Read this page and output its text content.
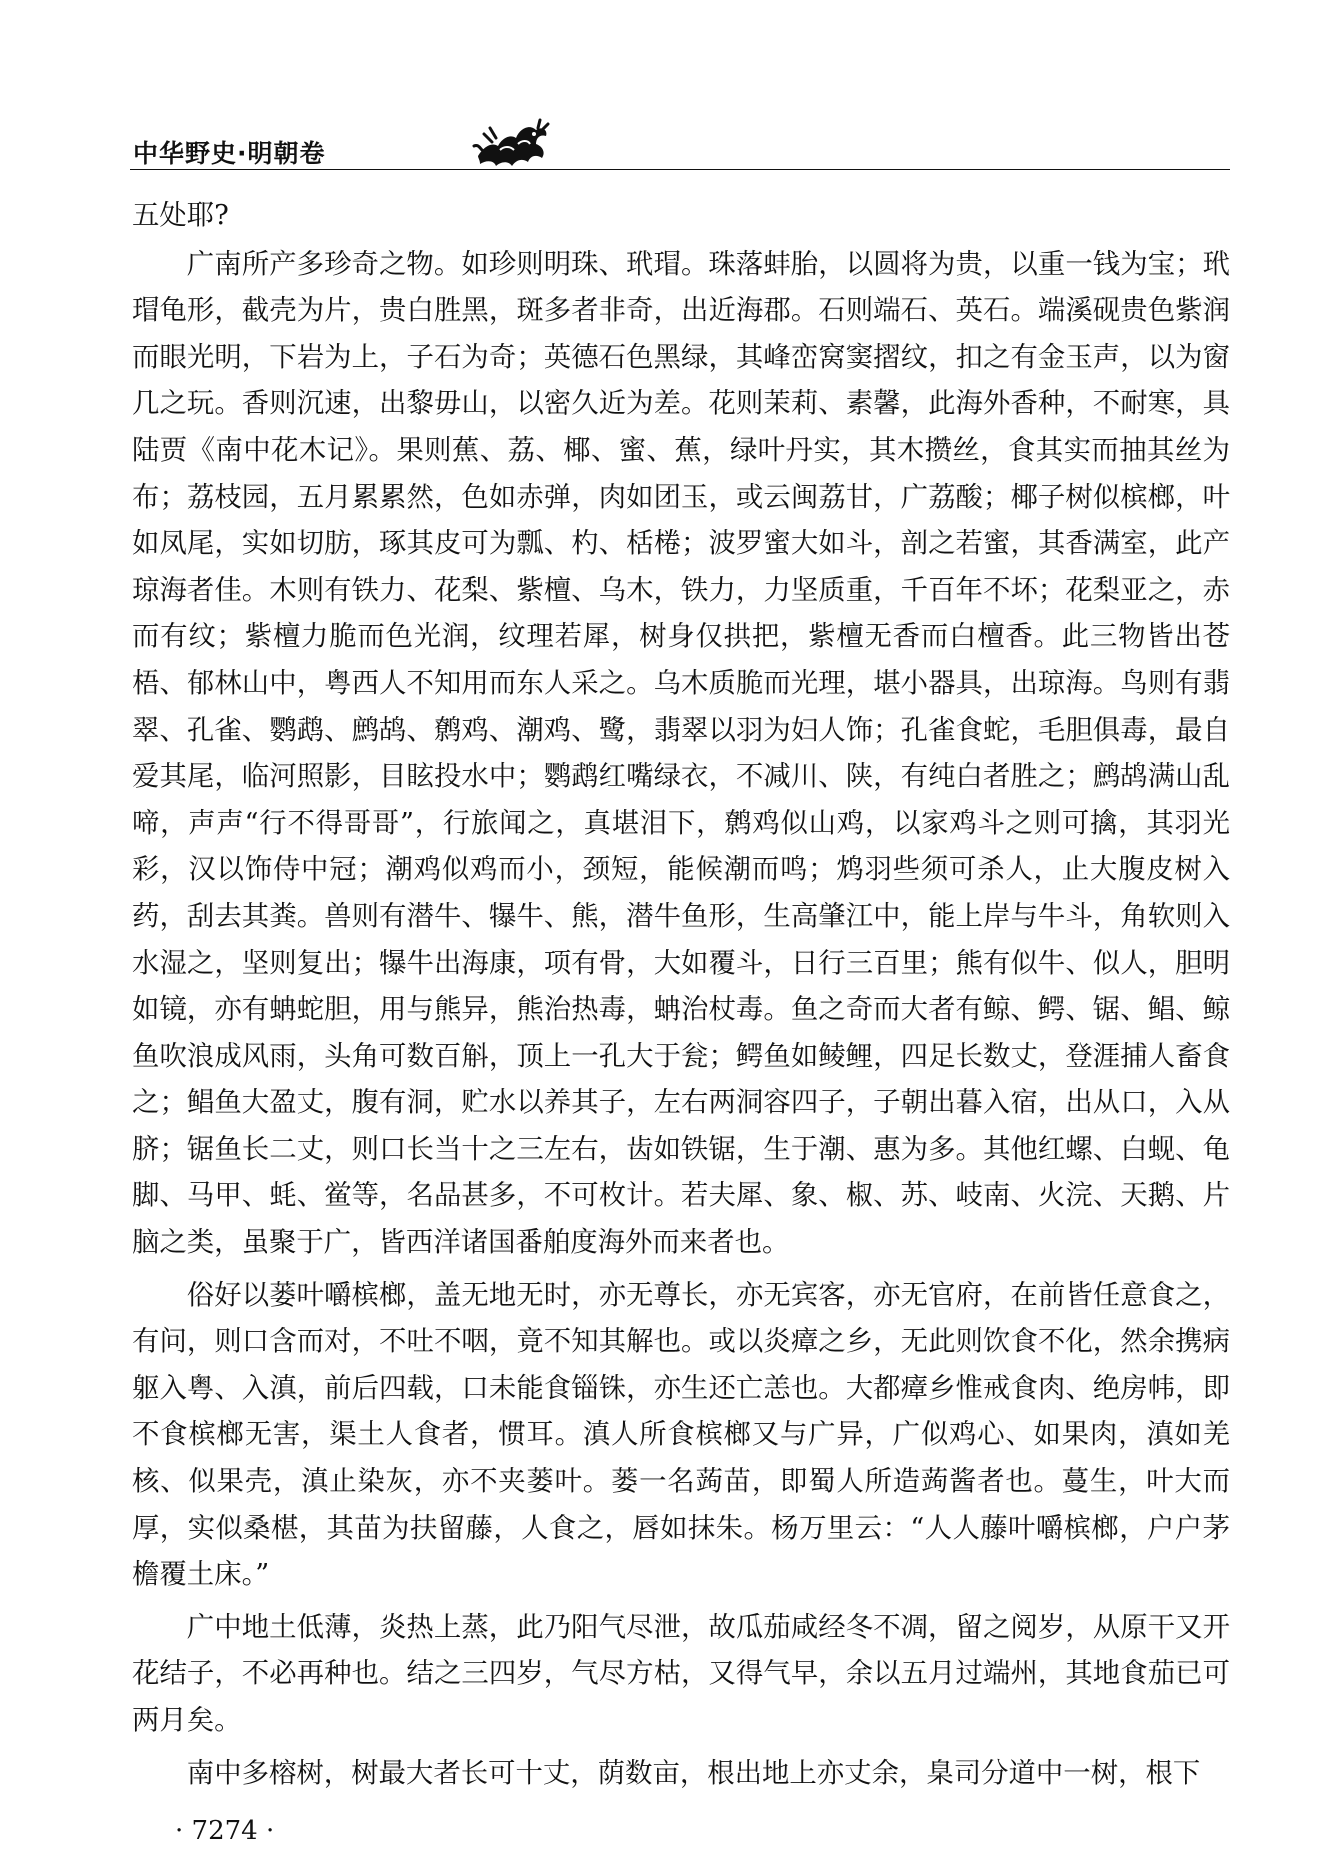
中华野史·明朝卷

五处耶?

广南所产多珍奇之物。如珍则明珠、玳瑁。珠落蚌胎，以圆将为贵，以重一钱为宝；玳瑁龟形，截壳为片，贵白胜黑，斑多者非奇，出近海郡。石则端石、英石。端溪砚贵色紫润而眼光明，下岩为上，子石为奇；英德石色黑绿，其峰峦窝窦摺纹，扣之有金玉声，以为窗几之玩。香则沉速，出黎毋山，以密久近为差。花则茉莉、素馨，此海外香种，不耐寒，具陆贾《南中花木记》。果则蕉、荔、椰、蜜、蕉，绿叶丹实，其木攒丝，食其实而抽其丝为布；荔枝园，五月累累然，色如赤弹，肉如团玉，或云闽荔甘，广荔酸；椰子树似槟榔，叶如凤尾，实如切肪，琢其皮可为瓢、杓、栝棬；波罗蜜大如斗，剖之若蜜，其香满室，此产琼海者佳。木则有铁力、花梨、紫檀、乌木，铁力，力坚质重，千百年不坏；花梨亚之，赤而有纹；紫檀力脆而色光润，纹理若犀，树身仅拱把，紫檀无香而白檀香。此三物皆出苍梧、郁林山中，粤西人不知用而东人采之。乌木质脆而光理，堪小器具，出琼海。鸟则有翡翠、孔雀、鹦鹉、鹧鸪、鹩鸡、潮鸡、鹭，翡翠以羽为妇人饰；孔雀食蛇，毛胆俱毒，最自爱其尾，临河照影，目眩投水中；鹦鹉红嘴绿衣，不减川、陕，有纯白者胜之；鹧鸪满山乱啼，声声“行不得哥哥”，行旅闻之，真堪泪下，鹩鸡似山鸡，以家鸡斗之则可擒，其羽光彩，汉以饰侍中冠；潮鸡似鸡而小，颈短，能候潮而鸣；鸩羽些须可杀人，止大腹皮树入药，刮去其粪。兽则有潜牛、犦牛、熊，潜牛鱼形，生高肇江中，能上岸与牛斗，角软则入水湿之，坚则复出；犦牛出海康，项有骨，大如覆斗，日行三百里；熊有似牛、似人，胆明如镜，亦有蚺蛇胆，用与熊异，熊治热毒，蚺治杖毒。鱼之奇而大者有鲸、鳄、锯、鲳、鲸鱼吹浪成风雨，头角可数百斛，顶上一孔大于瓮；鳄鱼如鲮鲤，四足长数丈，登涯捕人畜食之；鲳鱼大盈丈，腹有洞，贮水以养其子，左右两洞容四子，子朝出暮入宿，出从口，入从脐；锯鱼长二丈，则口长当十之三左右，齿如铁锯，生于潮、惠为多。其他红螺、白蚬、龟脚、马甲、蚝、鲎等，名品甚多，不可枚计。若夫犀、象、椒、苏、岐南、火浣、天鹅、片脑之类，虽聚于广，皆西洋诸国番舶度海外而来者也。

俗好以蒌叶嚼槟榔，盖无地无时，亦无尊长，亦无宾客，亦无官府，在前皆任意食之，有问，则口含而对，不吐不咽，竟不知其解也。或以炎瘴之乡，无此则饮食不化，然余携病躯入粤、入滇，前后四载，口未能食锱铢，亦生还亡恙也。大都瘴乡惟戒食肉、绝房帏，即不食槟榔无害，渠土人食者，惯耳。滇人所食槟榔又与广异，广似鸡心、如果肉，滇如羌核、似果壳，滇止染灰，亦不夹蒌叶。蒌一名蒟苗，即蜀人所造蒟酱者也。蔓生，叶大而厚，实似桑椹，其苗为扶留藤，人食之，唇如抹朱。杨万里云：“人人藤叶嚼槟榔，户户茅檐覆土床。”

广中地土低薄，炎热上蒸，此乃阳气尽泄，故瓜茄咸经冬不凋，留之阅岁，从原干又开花结子，不必再种也。结之三四岁，气尽方枯，又得气早，余以五月过端州，其地食茄已可两月矣。

南中多榕树，树最大者长可十丈，荫数亩，根出地上亦丈余，臬司分道中一树，根下

· 7274 ·
